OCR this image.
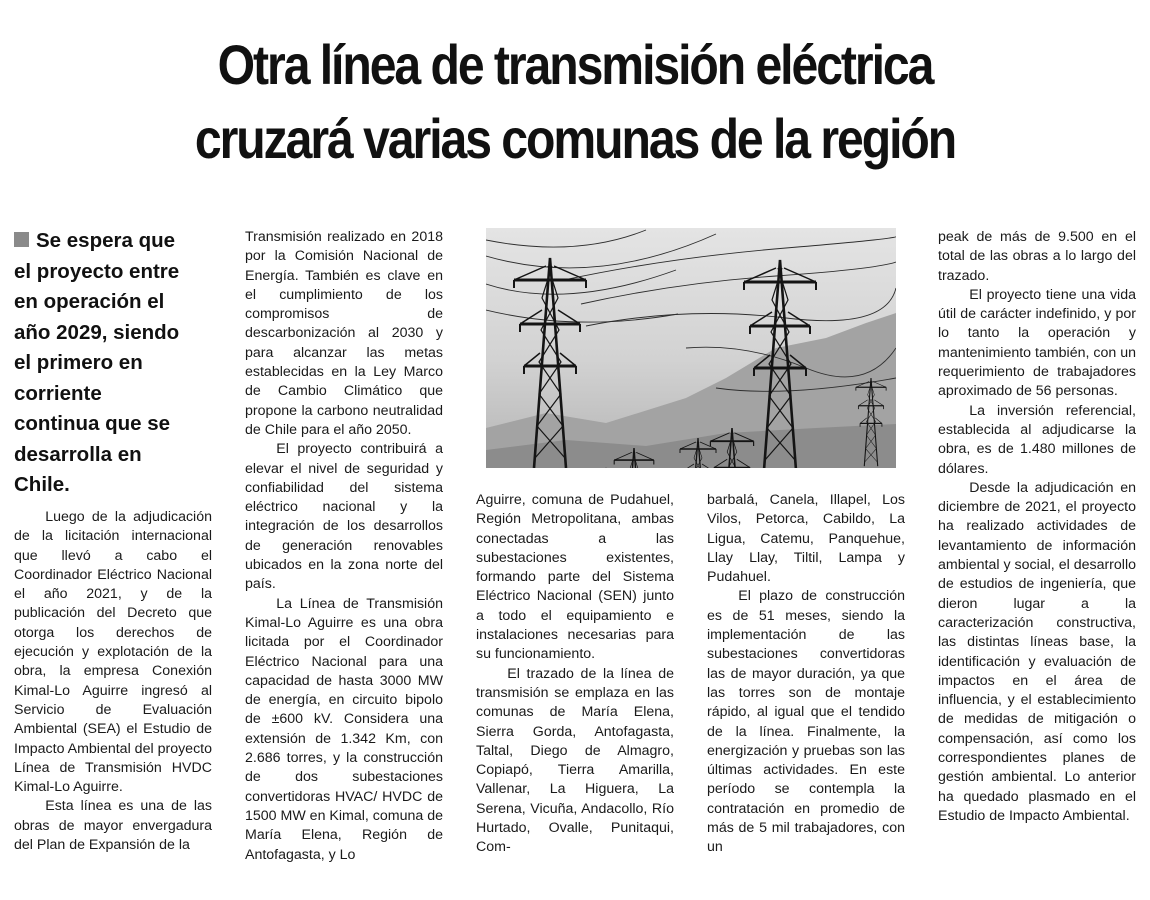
Otra línea de transmisión eléctrica
cruzará varias comunas de la región

Se espera que el proyecto entre en operación el año 2029, siendo el primero en corriente continua que se desarrolla en Chile.

Luego de la adjudicación de la licitación internacional que llevó a cabo el Coordinador Eléctrico Nacional el año 2021, y de la publicación del Decreto que otorga los derechos de ejecución y explotación de la obra, la empresa Conexión Kimal-Lo Aguirre ingresó al Servicio de Evaluación Ambiental (SEA) el Estudio de Impacto Ambiental del proyecto Línea de Transmisión HVDC Kimal-Lo Aguirre.

Esta línea es una de las obras de mayor envergadura del Plan de Expansión de la

Transmisión realizado en 2018 por la Comisión Nacional de Energía. También es clave en el cumplimiento de los compromisos de descarbonización al 2030 y para alcanzar las metas establecidas en la Ley Marco de Cambio Climático que propone la carbono neutralidad de Chile para el año 2050.

El proyecto contribuirá a elevar el nivel de seguridad y confiabilidad del sistema eléctrico nacional y la integración de los desarrollos de generación renovables ubicados en la zona norte del país.

La Línea de Transmisión Kimal-Lo Aguirre es una obra licitada por el Coordinador Eléctrico Nacional para una capacidad de hasta 3000 MW de energía, en circuito bipolo de ±600 kV. Considera una extensión de 1.342 Km, con 2.686 torres, y la construcción de dos subestaciones convertidoras HVAC/ HVDC de 1500 MW en Kimal, comuna de María Elena, Región de Antofagasta, y Lo

Aguirre, comuna de Pudahuel, Región Metropolitana, ambas conectadas a las subestaciones existentes, formando parte del Sistema Eléctrico Nacional (SEN) junto a todo el equipamiento e instalaciones necesarias para su funcionamiento.

El trazado de la línea de transmisión se emplaza en las comunas de María Elena, Sierra Gorda, Antofagasta, Taltal, Diego de Almagro, Copiapó, Tierra Amarilla, Vallenar, La Higuera, La Serena, Vicuña, Andacollo, Río Hurtado, Ovalle, Punitaqui, Com-

barbalá, Canela, Illapel, Los Vilos, Petorca, Cabildo, La Ligua, Catemu, Panquehue, Llay Llay, Tiltil, Lampa y Pudahuel.

El plazo de construcción es de 51 meses, siendo la implementación de las subestaciones convertidoras las de mayor duración, ya que las torres son de montaje rápido, al igual que el tendido de la línea. Finalmente, la energización y pruebas son las últimas actividades. En este período se contempla la contratación en promedio de más de 5 mil trabajadores, con un

peak de más de 9.500 en el total de las obras a lo largo del trazado.

El proyecto tiene una vida útil de carácter indefinido, y por lo tanto la operación y mantenimiento también, con un requerimiento de trabajadores aproximado de 56 personas.

La inversión referencial, establecida al adjudicarse la obra, es de 1.480 millones de dólares.

Desde la adjudicación en diciembre de 2021, el proyecto ha realizado actividades de levantamiento de información ambiental y social, el desarrollo de estudios de ingeniería, que dieron lugar a la caracterización constructiva, las distintas líneas base, la identificación y evaluación de impactos en el área de influencia, y el establecimiento de medidas de mitigación o compensación, así como los correspondientes planes de gestión ambiental. Lo anterior ha quedado plasmado en el Estudio de Impacto Ambiental.
